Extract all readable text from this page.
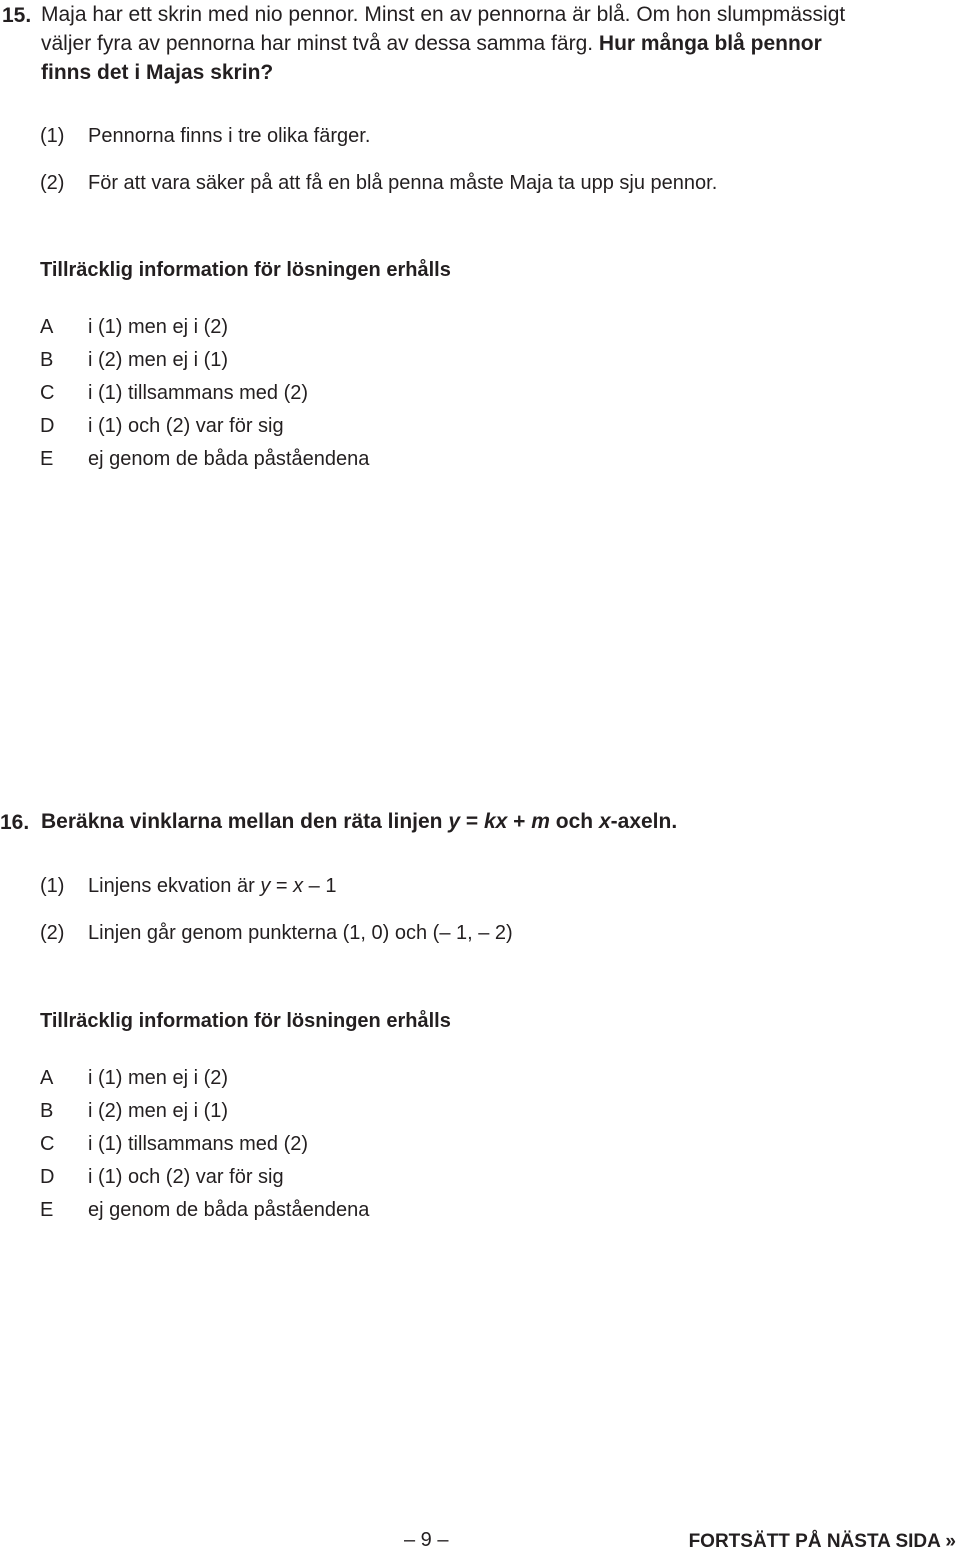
15. Maja har ett skrin med nio pennor. Minst en av pennorna är blå. Om hon slumpmässigt
väljer fyra av pennorna har minst två av dessa samma färg. Hur många blå pennor
finns det i Majas skrin?
(1) Pennorna finns i tre olika färger.
(2) För att vara säker på att få en blå penna måste Maja ta upp sju pennor.
Tillräcklig information för lösningen erhålls
A i (1) men ej i (2)
B i (2) men ej i (1)
C i (1) tillsammans med (2)
D i (1) och (2) var för sig
E ej genom de båda påståendena
16. Beräkna vinklarna mellan den räta linjen y = kx + m och x-axeln.
(1) Linjens ekvation är y = x – 1
(2) Linjen går genom punkterna (1, 0) och (– 1, – 2)
Tillräcklig information för lösningen erhålls
A i (1) men ej i (2)
B i (2) men ej i (1)
C i (1) tillsammans med (2)
D i (1) och (2) var för sig
E ej genom de båda påståendena
– 9 –	FORTSÄTT PÅ NÄSTA SIDA »
